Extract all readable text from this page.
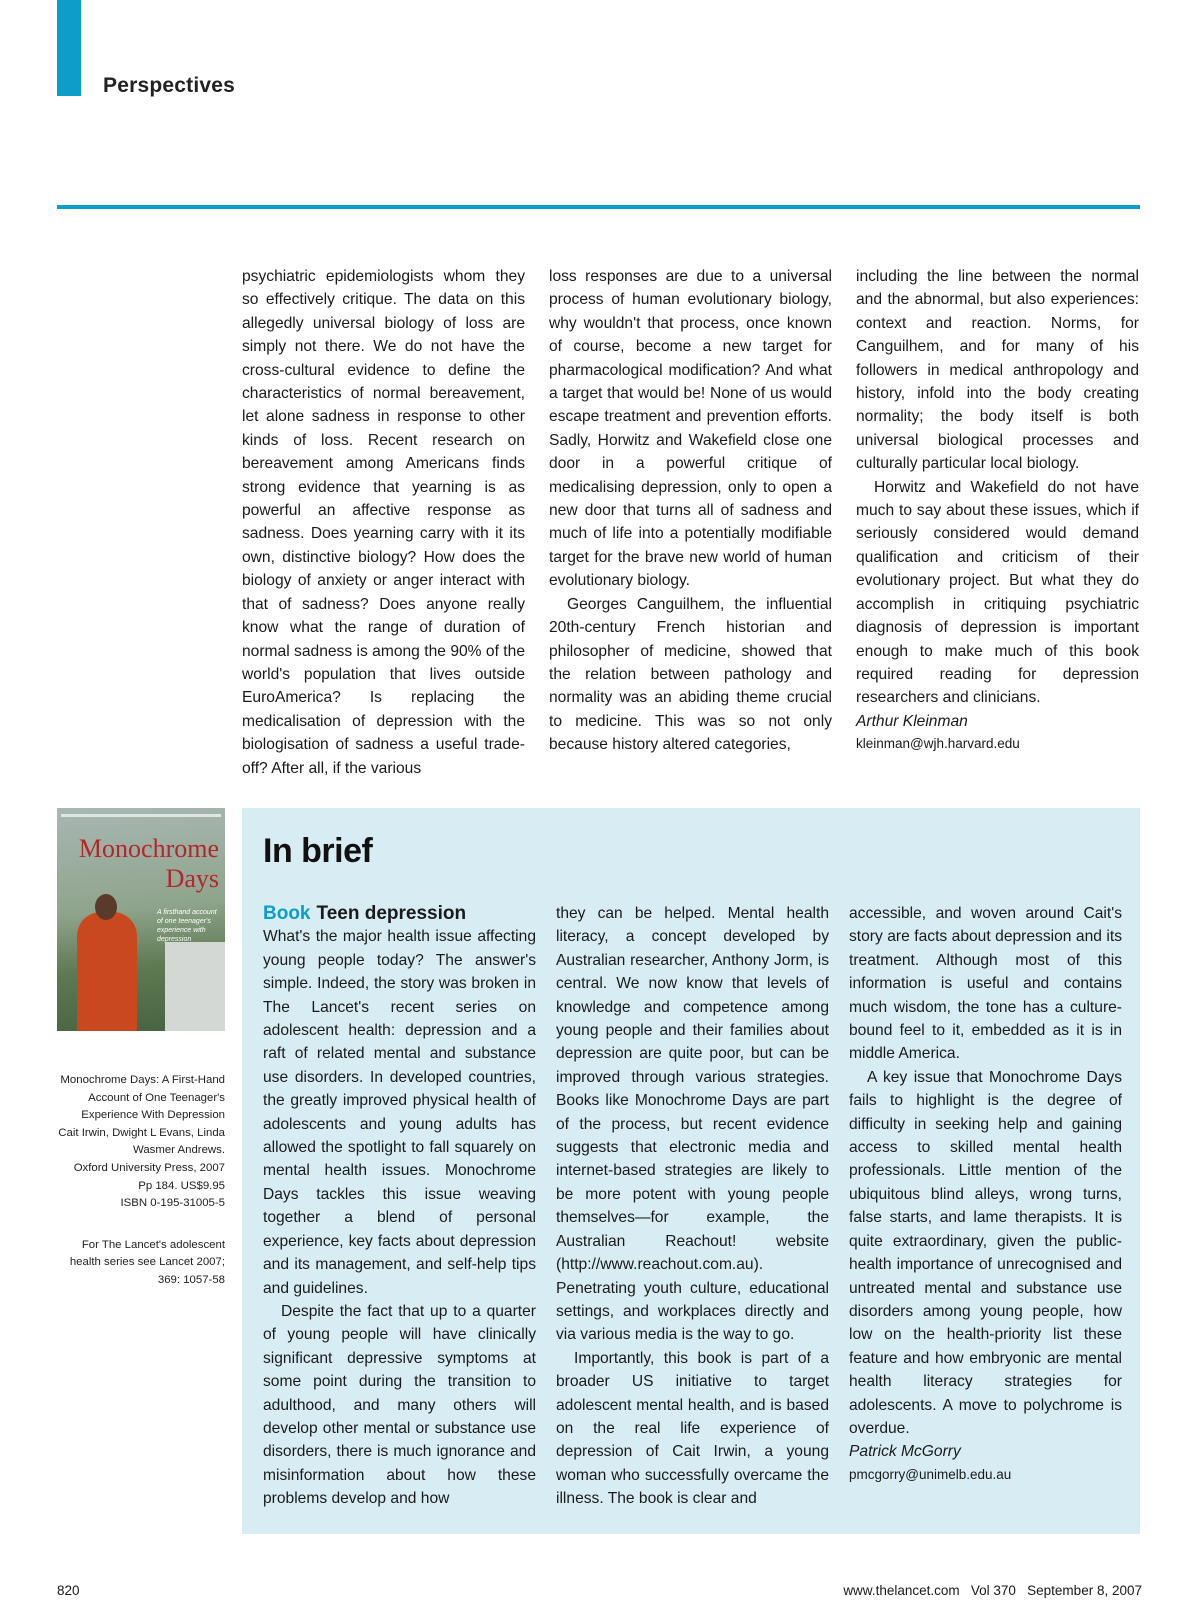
Perspectives

psychiatric epidemiologists whom they so effectively critique. The data on this allegedly universal biology of loss are simply not there. We do not have the cross-cultural evidence to define the characteristics of normal bereavement, let alone sadness in response to other kinds of loss. Recent research on bereavement among Americans finds strong evidence that yearning is as powerful an affective response as sadness. Does yearning carry with it its own, distinctive biology? How does the biology of anxiety or anger interact with that of sadness? Does anyone really know what the range of duration of normal sadness is among the 90% of the world's population that lives outside EuroAmerica? Is replacing the medicalisation of depression with the biologisation of sadness a useful trade-off? After all, if the various

loss responses are due to a universal process of human evolutionary biology, why wouldn't that process, once known of course, become a new target for pharmacological modification? And what a target that would be! None of us would escape treatment and prevention efforts. Sadly, Horwitz and Wakefield close one door in a powerful critique of medicalising depression, only to open a new door that turns all of sadness and much of life into a potentially modifiable target for the brave new world of human evolutionary biology.

Georges Canguilhem, the influential 20th-century French historian and philosopher of medicine, showed that the relation between pathology and normality was an abiding theme crucial to medicine. This was so not only because history altered categories,

including the line between the normal and the abnormal, but also experiences: context and reaction. Norms, for Canguilhem, and for many of his followers in medical anthropology and history, infold into the body creating normality; the body itself is both universal biological processes and culturally particular local biology.

Horwitz and Wakefield do not have much to say about these issues, which if seriously considered would demand qualification and criticism of their evolutionary project. But what they do accomplish in critiquing psychiatric diagnosis of depression is important enough to make much of this book required reading for depression researchers and clinicians.

Arthur Kleinman

kleinman@wjh.harvard.edu

Monochrome Days
A firsthand account of one teenager's experience with depression

Monochrome Days: A First-Hand Account of One Teenager's Experience With Depression

Cait Irwin, Dwight L Evans, Linda Wasmer Andrews.

Oxford University Press, 2007

Pp 184. US$9.95

ISBN 0-195-31005-5

For The Lancet's adolescent health series see Lancet 2007; 369: 1057-58

In brief
Book Teen depression

What's the major health issue affecting young people today? The answer's simple. Indeed, the story was broken in The Lancet's recent series on adolescent health: depression and a raft of related mental and substance use disorders. In developed countries, the greatly improved physical health of adolescents and young adults has allowed the spotlight to fall squarely on mental health issues. Monochrome Days tackles this issue weaving together a blend of personal experience, key facts about depression and its management, and self-help tips and guidelines.

Despite the fact that up to a quarter of young people will have clinically significant depressive symptoms at some point during the transition to adulthood, and many others will develop other mental or substance use disorders, there is much ignorance and misinformation about how these problems develop and how

they can be helped. Mental health literacy, a concept developed by Australian researcher, Anthony Jorm, is central. We now know that levels of knowledge and competence among young people and their families about depression are quite poor, but can be improved through various strategies. Books like Monochrome Days are part of the process, but recent evidence suggests that electronic media and internet-based strategies are likely to be more potent with young people themselves—for example, the Australian Reachout! website (http://www.reachout.com.au). Penetrating youth culture, educational settings, and workplaces directly and via various media is the way to go.

Importantly, this book is part of a broader US initiative to target adolescent mental health, and is based on the real life experience of depression of Cait Irwin, a young woman who successfully overcame the illness. The book is clear and

accessible, and woven around Cait's story are facts about depression and its treatment. Although most of this information is useful and contains much wisdom, the tone has a culture-bound feel to it, embedded as it is in middle America.

A key issue that Monochrome Days fails to highlight is the degree of difficulty in seeking help and gaining access to skilled mental health professionals. Little mention of the ubiquitous blind alleys, wrong turns, false starts, and lame therapists. It is quite extraordinary, given the public-health importance of unrecognised and untreated mental and substance use disorders among young people, how low on the health-priority list these feature and how embryonic are mental health literacy strategies for adolescents. A move to polychrome is overdue.

Patrick McGorry

pmcgorry@unimelb.edu.au

820	www.thelancet.com   Vol 370   September 8, 2007
